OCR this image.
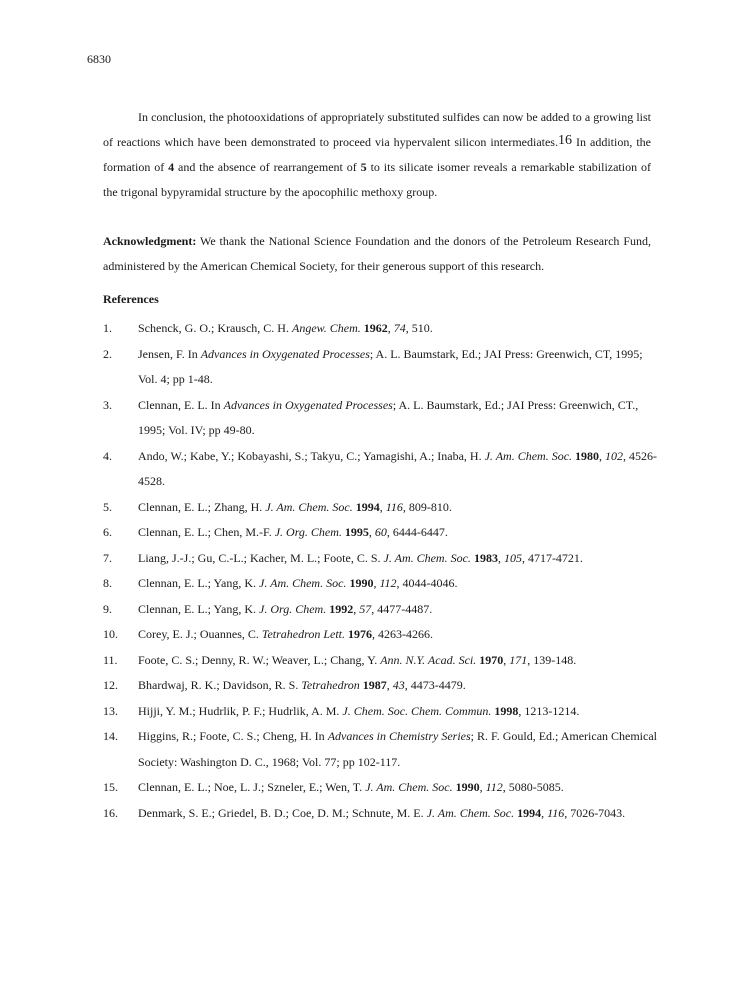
6830

In conclusion, the photooxidations of appropriately substituted sulfides can now be added to a growing list of reactions which have been demonstrated to proceed via hypervalent silicon intermediates.16 In addition, the formation of 4 and the absence of rearrangement of 5 to its silicate isomer reveals a remarkable stabilization of the trigonal bypyramidal structure by the apocophilic methoxy group.

Acknowledgment: We thank the National Science Foundation and the donors of the Petroleum Research Fund, administered by the American Chemical Society, for their generous support of this research.

References
1. Schenck, G. O.; Krausch, C. H. Angew. Chem. 1962, 74, 510.
2. Jensen, F. In Advances in Oxygenated Processes; A. L. Baumstark, Ed.; JAI Press: Greenwich, CT, 1995; Vol. 4; pp 1-48.
3. Clennan, E. L. In Advances in Oxygenated Processes; A. L. Baumstark, Ed.; JAI Press: Greenwich, CT., 1995; Vol. IV; pp 49-80.
4. Ando, W.; Kabe, Y.; Kobayashi, S.; Takyu, C.; Yamagishi, A.; Inaba, H. J. Am. Chem. Soc. 1980, 102, 4526-4528.
5. Clennan, E. L.; Zhang, H. J. Am. Chem. Soc. 1994, 116, 809-810.
6. Clennan, E. L.; Chen, M.-F. J. Org. Chem. 1995, 60, 6444-6447.
7. Liang, J.-J.; Gu, C.-L.; Kacher, M. L.; Foote, C. S. J. Am. Chem. Soc. 1983, 105, 4717-4721.
8. Clennan, E. L.; Yang, K. J. Am. Chem. Soc. 1990, 112, 4044-4046.
9. Clennan, E. L.; Yang, K. J. Org. Chem. 1992, 57, 4477-4487.
10. Corey, E. J.; Ouannes, C. Tetrahedron Lett. 1976, 4263-4266.
11. Foote, C. S.; Denny, R. W.; Weaver, L.; Chang, Y. Ann. N.Y. Acad. Sci. 1970, 171, 139-148.
12. Bhardwaj, R. K.; Davidson, R. S. Tetrahedron 1987, 43, 4473-4479.
13. Hijji, Y. M.; Hudrlik, P. F.; Hudrlik, A. M. J. Chem. Soc. Chem. Commun. 1998, 1213-1214.
14. Higgins, R.; Foote, C. S.; Cheng, H. In Advances in Chemistry Series; R. F. Gould, Ed.; American Chemical Society: Washington D. C., 1968; Vol. 77; pp 102-117.
15. Clennan, E. L.; Noe, L. J.; Szneler, E.; Wen, T. J. Am. Chem. Soc. 1990, 112, 5080-5085.
16. Denmark, S. E.; Griedel, B. D.; Coe, D. M.; Schnute, M. E. J. Am. Chem. Soc. 1994, 116, 7026-7043.
